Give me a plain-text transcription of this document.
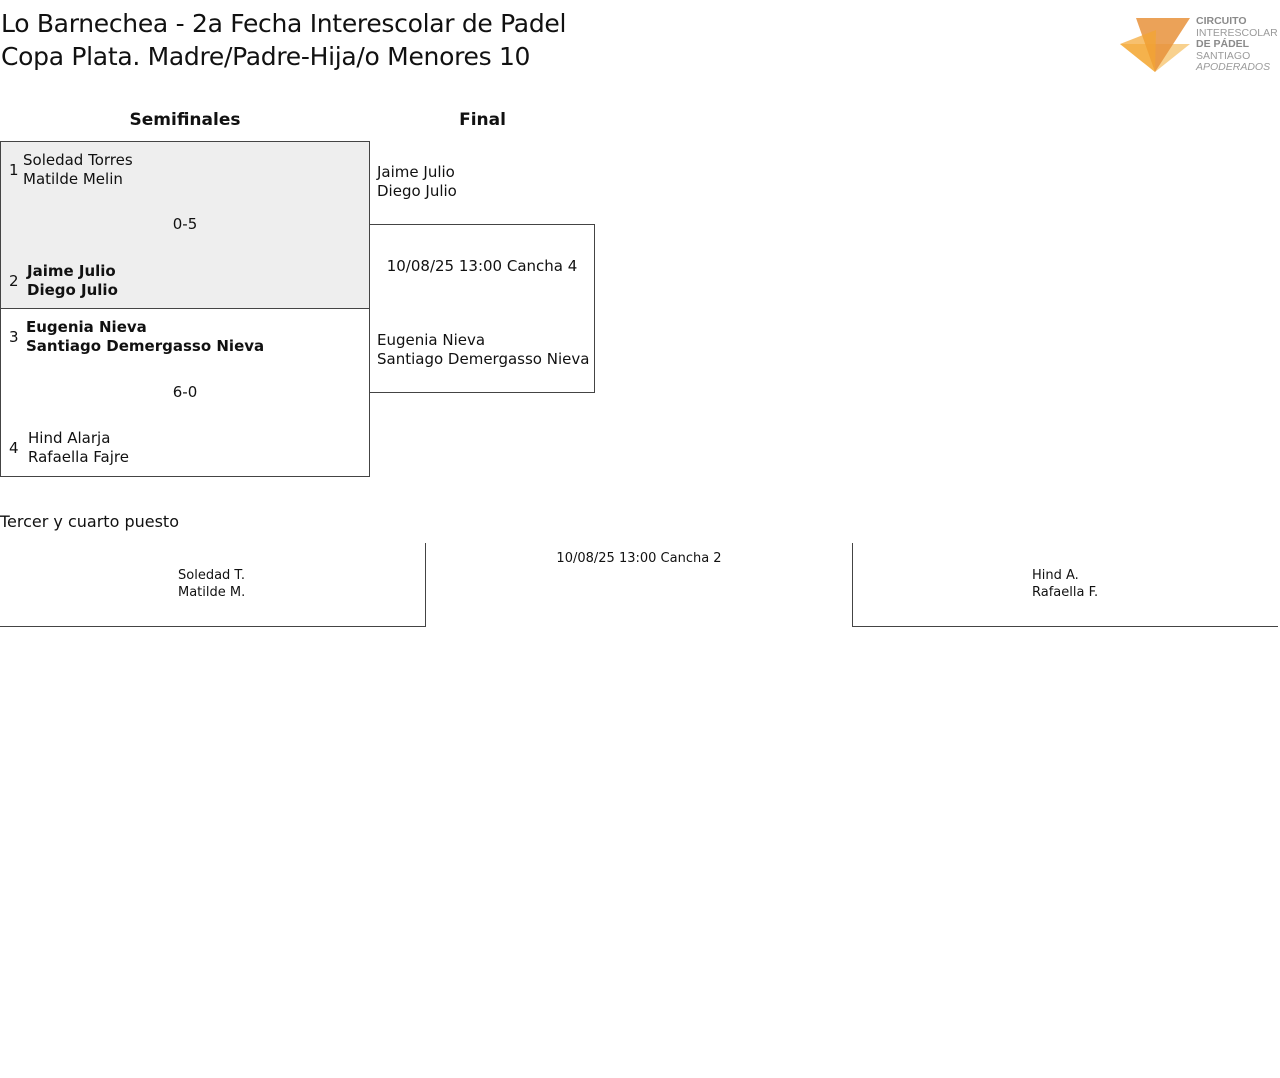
Lo Barnechea - 2a Fecha Interescolar de Padel
Copa Plata. Madre/Padre-Hija/o Menores 10
CIRCUITO
INTERESCOLAR
DE PÁDEL
SANTIAGO
APODERADOS
Semifinales	Final
1
Soledad Torres
Matilde Melin
0-5
2
Jaime Julio
Diego Julio
3
Eugenia Nieva
Santiago Demergasso Nieva
6-0
4
Hind Alarja
Rafaella Fajre
Jaime Julio
Diego Julio
10/08/25 13:00 Cancha 4
Eugenia Nieva
Santiago Demergasso Nieva
Tercer y cuarto puesto
Soledad T.
Matilde M.
10/08/25 13:00 Cancha 2
Hind A.
Rafaella F.
